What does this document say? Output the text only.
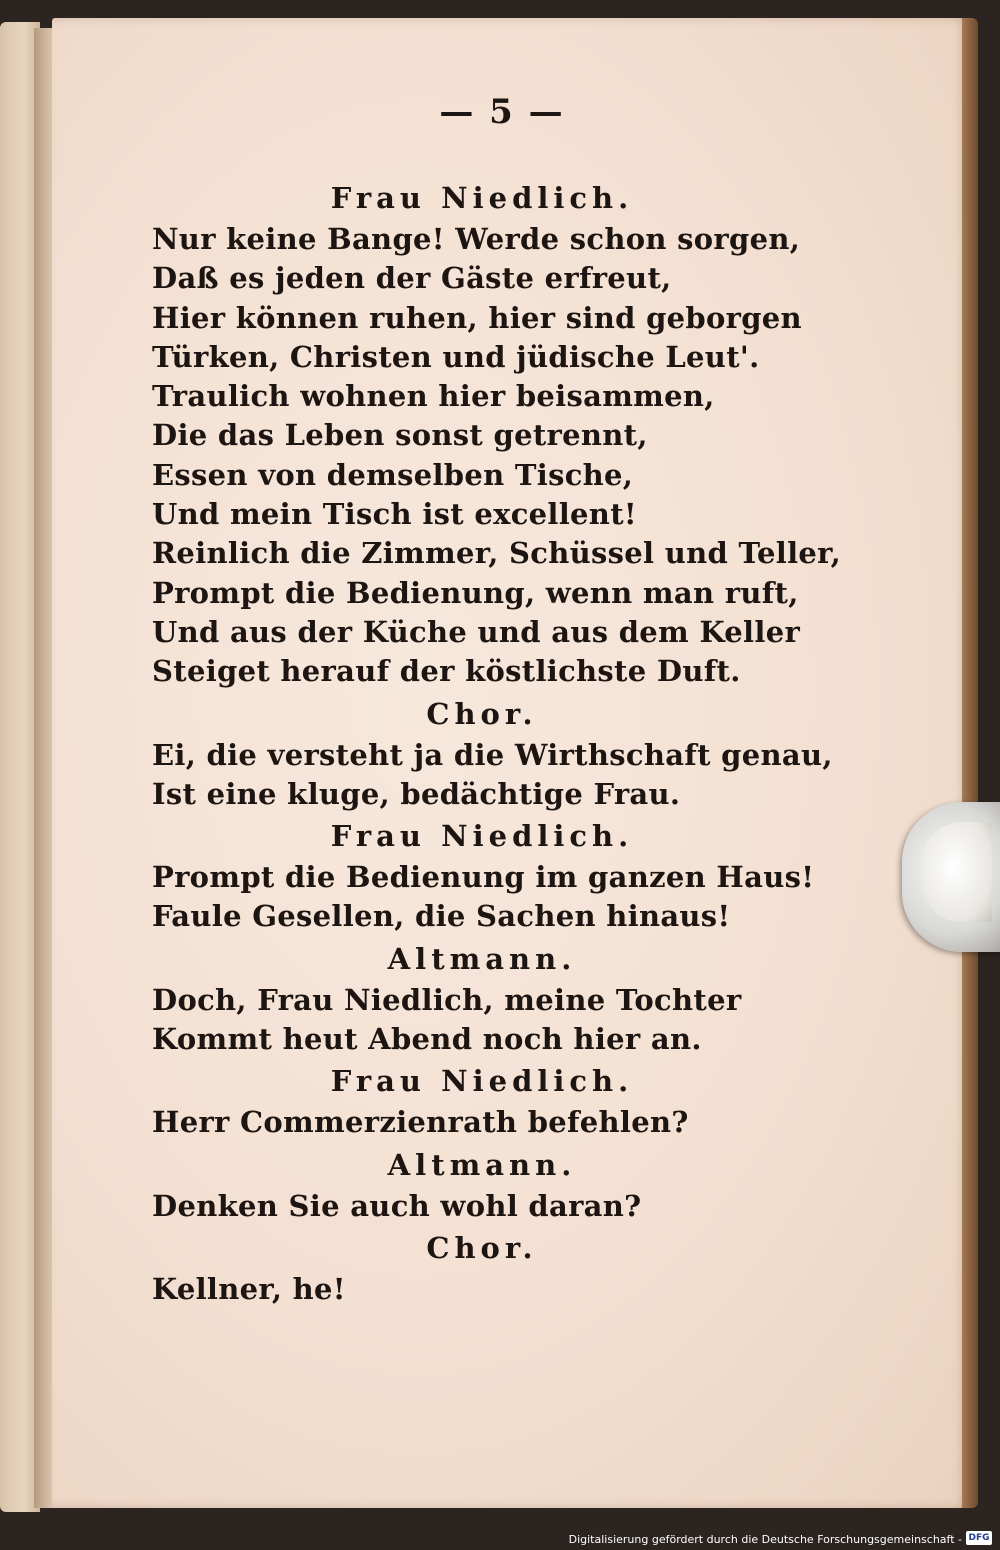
— 5 —
Frau Niedlich.
Nur keine Bange! Werde schon sorgen,
Daß es jeden der Gäste erfreut,
Hier können ruhen, hier sind geborgen
Türken, Christen und jüdische Leut'.
Traulich wohnen hier beisammen,
Die das Leben sonst getrennt,
Essen von demselben Tische,
Und mein Tisch ist excellent!
Reinlich die Zimmer, Schüssel und Teller,
Prompt die Bedienung, wenn man ruft,
Und aus der Küche und aus dem Keller
Steiget herauf der köstlichste Duft.
Chor.
Ei, die versteht ja die Wirthschaft genau,
Ist eine kluge, bedächtige Frau.
Frau Niedlich.
Prompt die Bedienung im ganzen Haus!
Faule Gesellen, die Sachen hinaus!
Altmann.
Doch, Frau Niedlich, meine Tochter
Kommt heut Abend noch hier an.
Frau Niedlich.
Herr Commerzienrath befehlen?
Altmann.
Denken Sie auch wohl daran?
Chor.
Kellner, he!
Digitalisierung gefördert durch die Deutsche Forschungsgemeinschaft - DFG
